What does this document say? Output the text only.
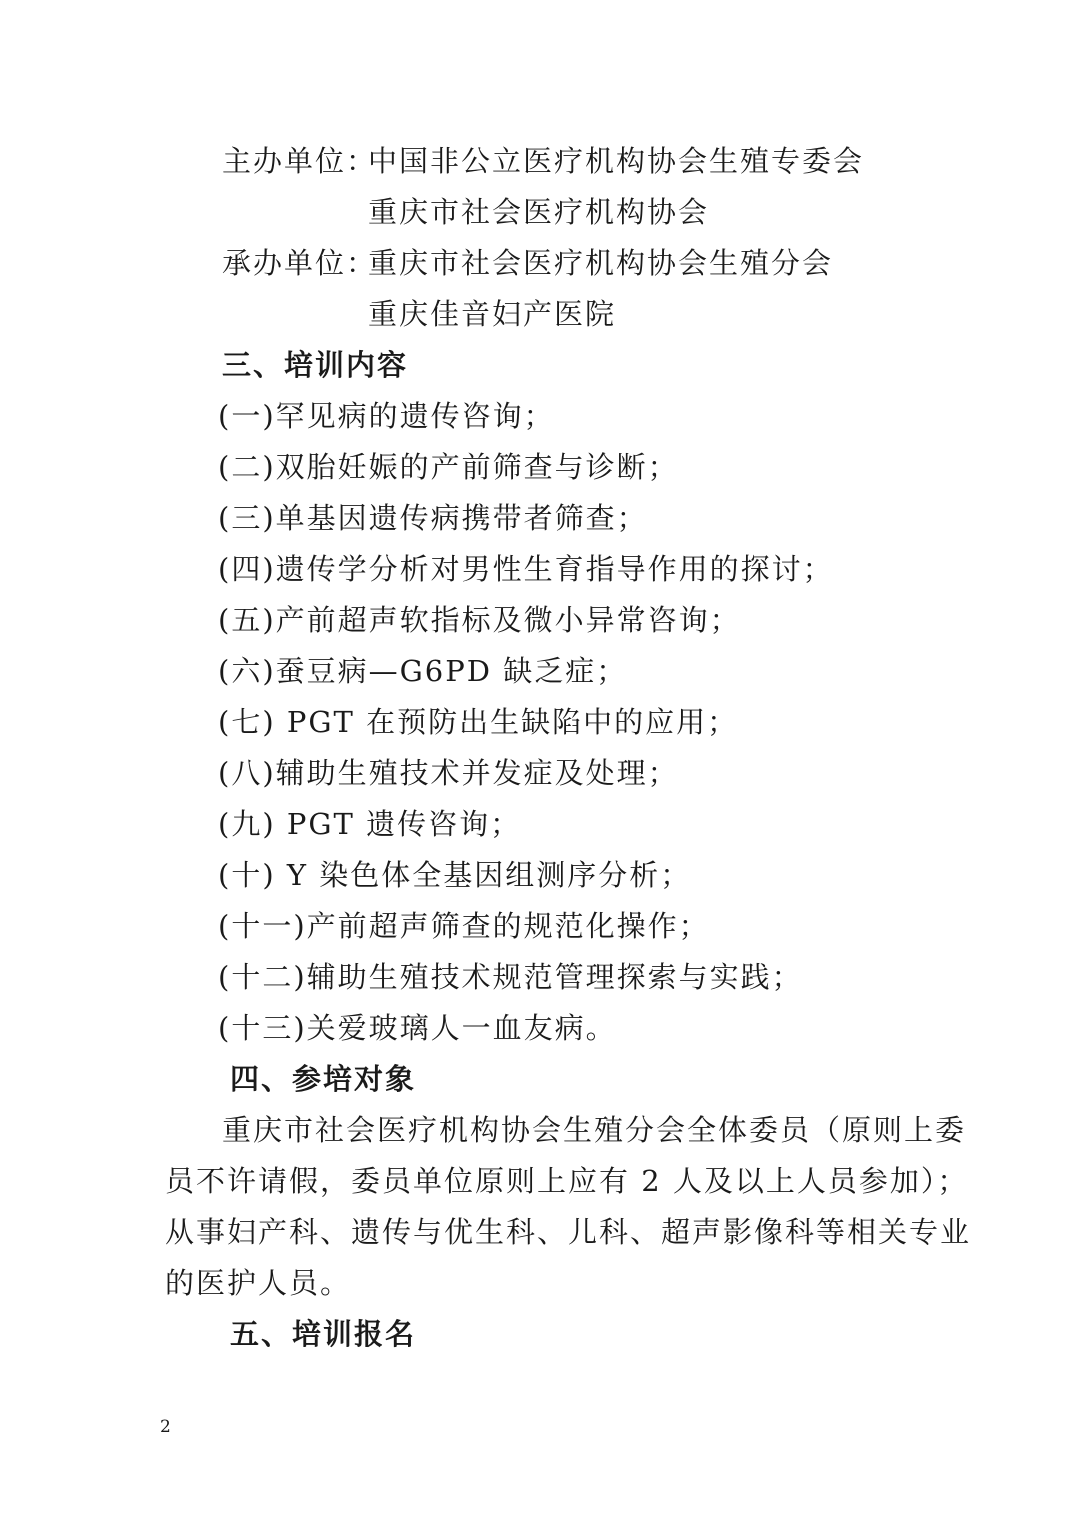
主办单位：
中国非公立医疗机构协会生殖专委会
重庆市社会医疗机构协会
承办单位：
重庆市社会医疗机构协会生殖分会
重庆佳音妇产医院
三、培训内容
(一)罕见病的遗传咨询；
(二)双胎妊娠的产前筛查与诊断；
(三)单基因遗传病携带者筛查；
(四)遗传学分析对男性生育指导作用的探讨；
(五)产前超声软指标及微小异常咨询；
(六)蚕豆病—G6PD 缺乏症；
(七) PGT 在预防出生缺陷中的应用；
(八)辅助生殖技术并发症及处理；
(九) PGT 遗传咨询；
(十) Y 染色体全基因组测序分析；
(十一)产前超声筛查的规范化操作；
(十二)辅助生殖技术规范管理探索与实践；
(十三)关爱玻璃人一血友病。
四、参培对象
重庆市社会医疗机构协会生殖分会全体委员（原则上委
员不许请假，委员单位原则上应有 2 人及以上人员参加）；
从事妇产科、遗传与优生科、儿科、超声影像科等相关专业
的医护人员。
五、培训报名
2
